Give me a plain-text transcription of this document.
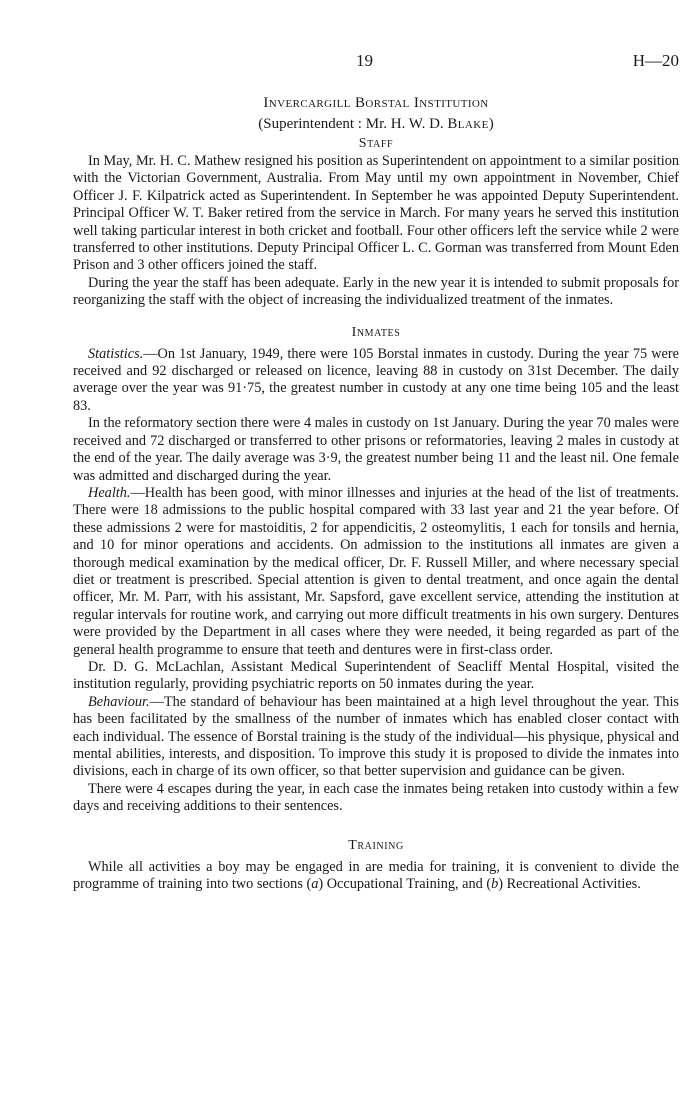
19	H—20
Invercargill Borstal Institution
(Superintendent : Mr. H. W. D. Blake)
Staff

In May, Mr. H. C. Mathew resigned his position as Superintendent on appointment to a similar position with the Victorian Government, Australia. From May until my own appointment in November, Chief Officer J. F. Kilpatrick acted as Superintendent. In September he was appointed Deputy Superintendent. Principal Officer W. T. Baker retired from the service in March. For many years he served this institution well taking particular interest in both cricket and football. Four other officers left the service while 2 were transferred to other institutions. Deputy Principal Officer L. C. Gorman was transferred from Mount Eden Prison and 3 other officers joined the staff.

During the year the staff has been adequate. Early in the new year it is intended to submit proposals for reorganizing the staff with the object of increasing the individualized treatment of the inmates.

Inmates

Statistics.—On 1st January, 1949, there were 105 Borstal inmates in custody. During the year 75 were received and 92 discharged or released on licence, leaving 88 in custody on 31st December. The daily average over the year was 91·75, the greatest number in custody at any one time being 105 and the least 83.

In the reformatory section there were 4 males in custody on 1st January. During the year 70 males were received and 72 discharged or transferred to other prisons or reformatories, leaving 2 males in custody at the end of the year. The daily average was 3·9, the greatest number being 11 and the least nil. One female was admitted and discharged during the year.

Health.—Health has been good, with minor illnesses and injuries at the head of the list of treatments. There were 18 admissions to the public hospital compared with 33 last year and 21 the year before. Of these admissions 2 were for mastoiditis, 2 for appendicitis, 2 osteomylitis, 1 each for tonsils and hernia, and 10 for minor operations and accidents. On admission to the institutions all inmates are given a thorough medical examination by the medical officer, Dr. F. Russell Miller, and where necessary special diet or treatment is prescribed. Special attention is given to dental treatment, and once again the dental officer, Mr. M. Parr, with his assistant, Mr. Sapsford, gave excellent service, attending the institution at regular intervals for routine work, and carrying out more difficult treatments in his own surgery. Dentures were provided by the Department in all cases where they were needed, it being regarded as part of the general health programme to ensure that teeth and dentures were in first-class order.

Dr. D. G. McLachlan, Assistant Medical Superintendent of Seacliff Mental Hospital, visited the institution regularly, providing psychiatric reports on 50 inmates during the year.

Behaviour.—The standard of behaviour has been maintained at a high level throughout the year. This has been facilitated by the smallness of the number of inmates which has enabled closer contact with each individual. The essence of Borstal training is the study of the individual—his physique, physical and mental abilities, interests, and disposition. To improve this study it is proposed to divide the inmates into divisions, each in charge of its own officer, so that better supervision and guidance can be given.

There were 4 escapes during the year, in each case the inmates being retaken into custody within a few days and receiving additions to their sentences.

Training

While all activities a boy may be engaged in are media for training, it is convenient to divide the programme of training into two sections (a) Occupational Training, and (b) Recreational Activities.
